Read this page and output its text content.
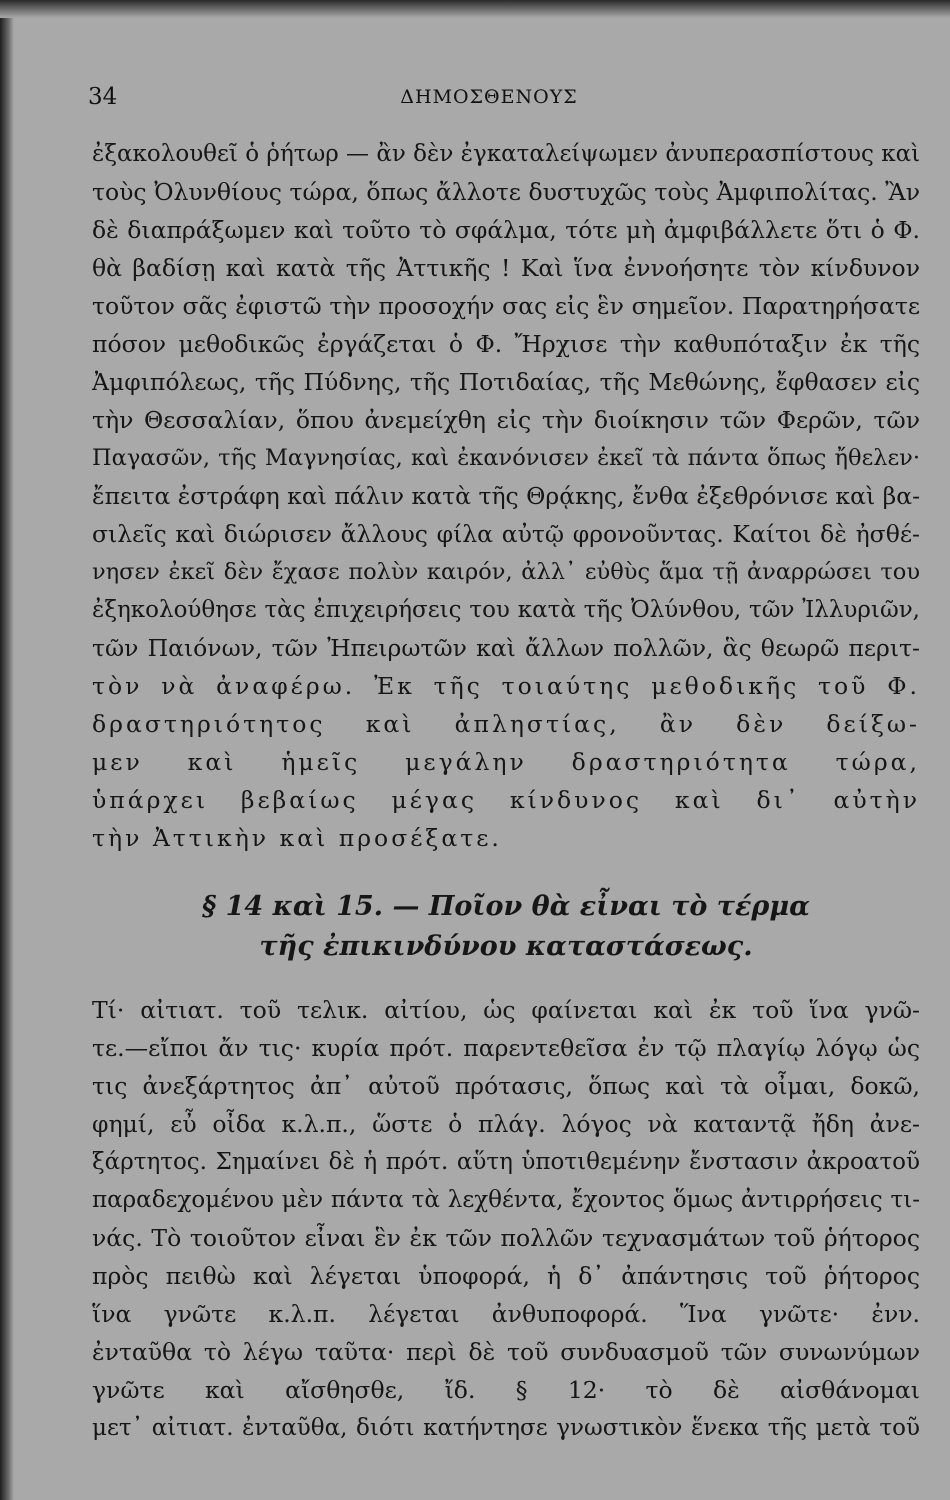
34	ΔΗΜΟΣΘΕΝΟΥΣ
ἐξακολουθεῖ ὁ ῥήτωρ — ἂν δὲν ἐγκαταλείψωμεν ἀνυπερασπίστους καὶ
τοὺς Ὀλυνθίους τώρα, ὅπως ἄλλοτε δυστυχῶς τοὺς Ἀμφιπολίτας. Ἂν
δὲ διαπράξωμεν καὶ τοῦτο τὸ σφάλμα, τότε μὴ ἀμφιβάλλετε ὅτι ὁ Φ.
θὰ βαδίσῃ καὶ κατὰ τῆς Ἀττικῆς ! Καὶ ἵνα ἐννοήσητε τὸν κίνδυνον
τοῦτον σᾶς ἐφιστῶ τὴν προσοχήν σας εἰς ἓν σημεῖον. Παρατηρήσατε
πόσον μεθοδικῶς ἐργάζεται ὁ Φ. Ἤρχισε τὴν καθυπόταξιν ἐκ τῆς
Ἀμφιπόλεως, τῆς Πύδνης, τῆς Ποτιδαίας, τῆς Μεθώνης, ἔφθασεν εἰς
τὴν Θεσσαλίαν, ὅπου ἀνεμείχθη εἰς τὴν διοίκησιν τῶν Φερῶν, τῶν
Παγασῶν, τῆς Μαγνησίας, καὶ ἐκανόνισεν ἐκεῖ τὰ πάντα ὅπως ἤθελεν·
ἔπειτα ἐστράφη καὶ πάλιν κατὰ τῆς Θρᾴκης, ἔνθα ἐξεθρόνισε καὶ βα-
σιλεῖς καὶ διώρισεν ἄλλους φίλα αὐτῷ φρονοῦντας. Καίτοι δὲ ἠσθέ-
νησεν ἐκεῖ δὲν ἔχασε πολὺν καιρόν, ἀλλ᾽ εὐθὺς ἅμα τῇ ἀναρρώσει του
ἐξηκολούθησε τὰς ἐπιχειρήσεις του κατὰ τῆς Ὀλύνθου, τῶν Ἰλλυριῶν,
τῶν Παιόνων, τῶν Ἠπειρωτῶν καὶ ἄλλων πολλῶν, ἃς θεωρῶ περιτ-
τὸν νὰ ἀναφέρω. Ἐκ τῆς τοιαύτης μεθοδικῆς τοῦ Φ.
δραστηριότητος καὶ ἀπληστίας, ἂν δὲν δείξω-
μεν καὶ ἡμεῖς μεγάλην δραστηριότητα τώρα,
ὑπάρχει βεβαίως μέγας κίνδυνος καὶ δι᾽ αὐτὴν
τὴν Ἀττικὴν καὶ προσέξατε.
§ 14 καὶ 15. — Ποῖον θὰ εἶναι τὸ τέρμα
τῆς ἐπικινδύνου καταστάσεως.
Τί· αἰτιατ. τοῦ τελικ. αἰτίου, ὡς φαίνεται καὶ ἐκ τοῦ ἵνα γνῶ-
τε.—εἴποι ἄν τις· κυρία πρότ. παρεντεθεῖσα ἐν τῷ πλαγίῳ λόγῳ ὡς
τις ἀνεξάρτητος ἀπ᾽ αὐτοῦ πρότασις, ὅπως καὶ τὰ οἶμαι, δοκῶ,
φημί, εὖ οἶδα κ.λ.π., ὥστε ὁ πλάγ. λόγος νὰ καταντᾷ ἤδη ἀνε-
ξάρτητος. Σημαίνει δὲ ἡ πρότ. αὕτη ὑποτιθεμένην ἔνστασιν ἀκροατοῦ
παραδεχομένου μὲν πάντα τὰ λεχθέντα, ἔχοντος ὅμως ἀντιρρήσεις τι-
νάς. Τὸ τοιοῦτον εἶναι ἓν ἐκ τῶν πολλῶν τεχνασμάτων τοῦ ῥήτορος
πρὸς πειθὼ καὶ λέγεται ὑποφορά, ἡ δ᾽ ἀπάντησις τοῦ ῥήτορος
ἵνα γνῶτε κ.λ.π. λέγεται ἀνθυποφορά. Ἵνα γνῶτε· ἐνν.
ἐνταῦθα τὸ λέγω ταῦτα· περὶ δὲ τοῦ συνδυασμοῦ τῶν συνωνύμων
γνῶτε καὶ αἴσθησθε, ἴδ. § 12· τὸ δὲ αἰσθάνομαι
μετ᾽ αἰτιατ. ἐνταῦθα, διότι κατήντησε γνωστικὸν ἕνεκα τῆς μετὰ τοῦ
